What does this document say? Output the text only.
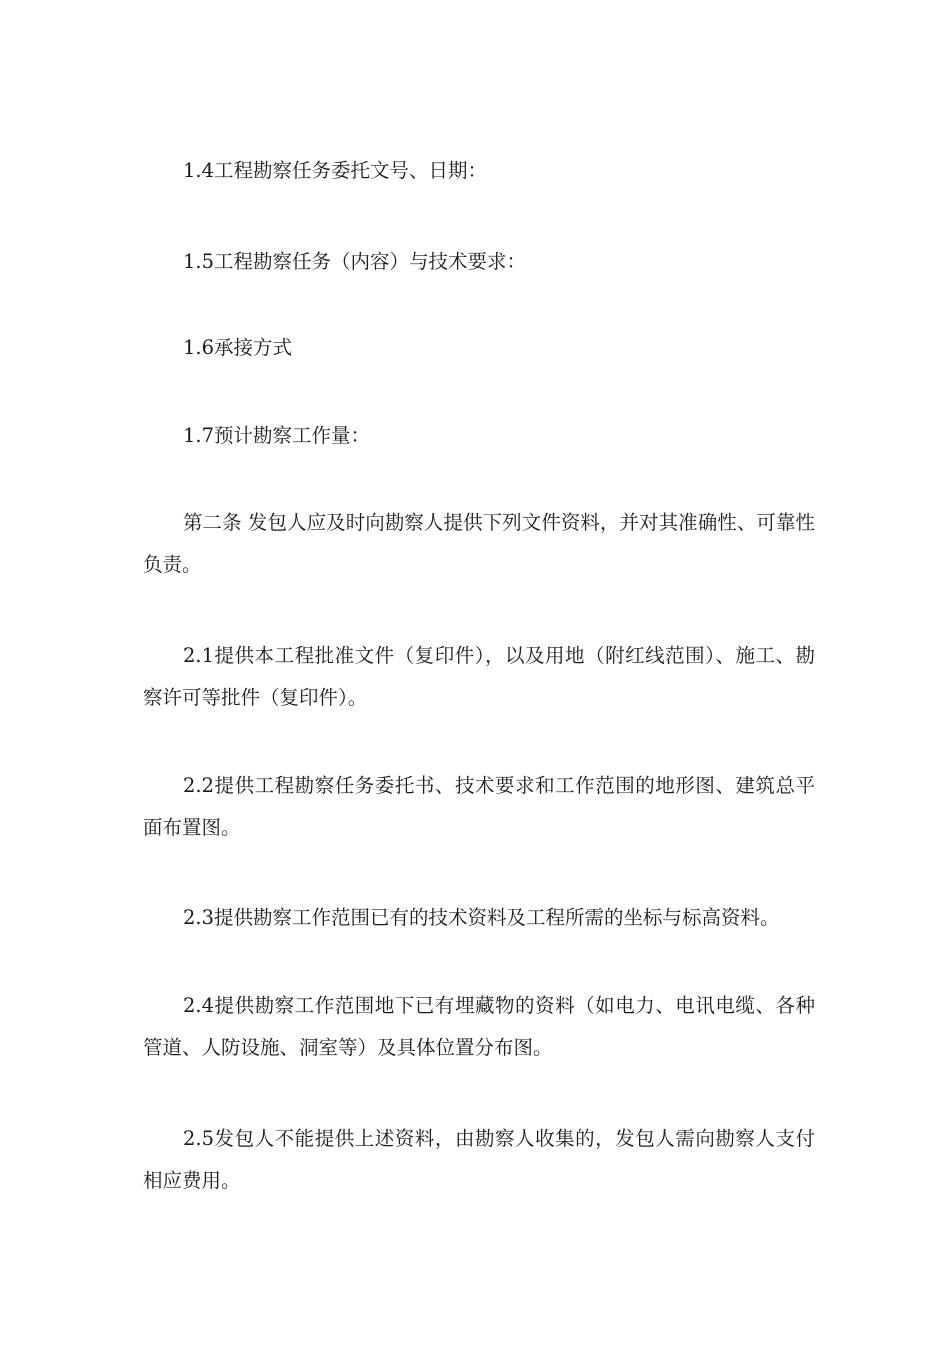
1.4工程勘察任务委托文号、日期：

1.5工程勘察任务（内容）与技术要求：

1.6承接方式

1.7预计勘察工作量：

第二条 发包人应及时向勘察人提供下列文件资料，并对其准确性、可靠性负责。

2.1提供本工程批准文件（复印件），以及用地（附红线范围）、施工、勘察许可等批件（复印件）。

2.2提供工程勘察任务委托书、技术要求和工作范围的地形图、建筑总平面布置图。

2.3提供勘察工作范围已有的技术资料及工程所需的坐标与标高资料。

2.4提供勘察工作范围地下已有埋藏物的资料（如电力、电讯电缆、各种管道、人防设施、洞室等）及具体位置分布图。

2.5发包人不能提供上述资料，由勘察人收集的，发包人需向勘察人支付相应费用。
